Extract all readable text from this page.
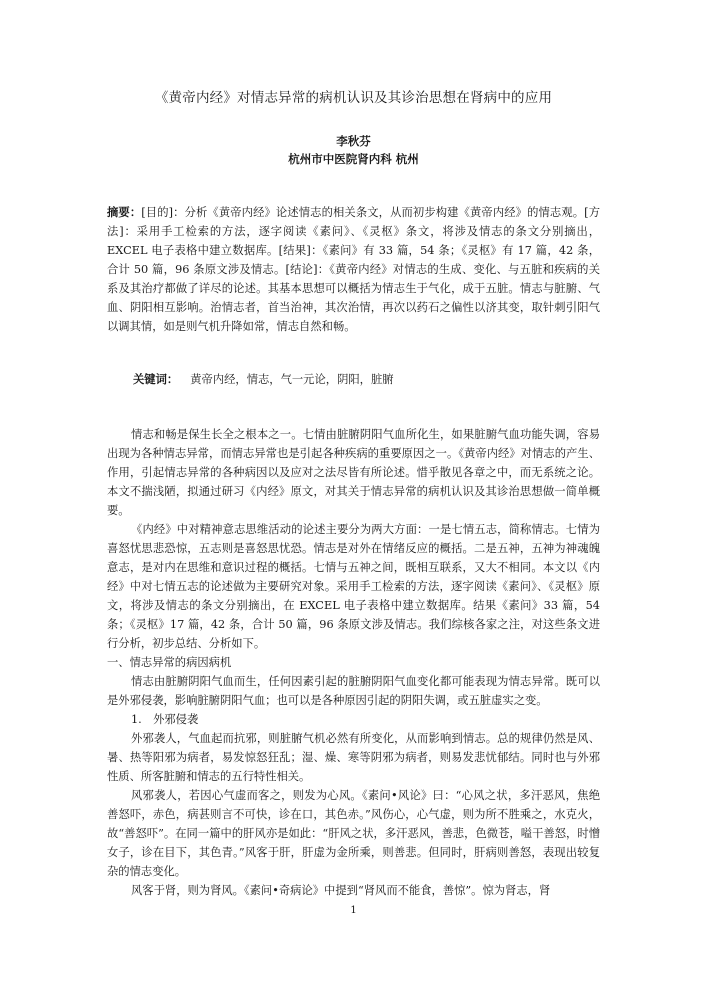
《黄帝内经》对情志异常的病机认识及其诊治思想在肾病中的应用
李秋芬
杭州市中医院肾内科 杭州
摘要：[目的]：分析《黄帝内经》论述情志的相关条文，从而初步构建《黄帝内经》的情志观。[方法]：采用手工检索的方法，逐字阅读《素问》、《灵枢》条文，将涉及情志的条文分别摘出，EXCEL 电子表格中建立数据库。[结果]：《素问》有 33 篇，54 条；《灵枢》有 17 篇，42 条，合计 50 篇，96 条原文涉及情志。[结论]：《黄帝内经》对情志的生成、变化、与五脏和疾病的关系及其治疗都做了详尽的论述。其基本思想可以概括为情志生于气化，成于五脏。情志与脏腑、气血、阴阳相互影响。治情志者，首当治神，其次治情，再次以药石之偏性以济其变，取针刺引阳气以调其情，如是则气机升降如常，情志自然和畅。
关键词： 黄帝内经，情志，气一元论，阴阳，脏腑

情志和畅是保生长全之根本之一。七情由脏腑阴阳气血所化生，如果脏腑气血功能失调，容易出现为各种情志异常，而情志异常也是引起各种疾病的重要原因之一。《黄帝内经》对情志的产生、作用，引起情志异常的各种病因以及应对之法尽皆有所论述。惜乎散见各章之中，而无系统之论。本文不揣浅陋，拟通过研习《内经》原文，对其关于情志异常的病机认识及其诊治思想做一简单概要。

《内经》中对精神意志思维活动的论述主要分为两大方面：一是七情五志，简称情志。七情为喜怒忧思悲恐惊，五志则是喜怒思忧恐。情志是对外在情绪反应的概括。二是五神，五神为神魂魄意志，是对内在思维和意识过程的概括。七情与五神之间，既相互联系，又大不相同。本文以《内经》中对七情五志的论述做为主要研究对象。采用手工检索的方法，逐字阅读《素问》、《灵枢》原文，将涉及情志的条文分别摘出，在 EXCEL 电子表格中建立数据库。结果《素问》33 篇，54 条；《灵枢》17 篇，42 条，合计 50 篇，96 条原文涉及情志。我们综核各家之注，对这些条文进行分析，初步总结、分析如下。

一、情志异常的病因病机

情志由脏腑阴阳气血而生，任何因素引起的脏腑阴阳气血变化都可能表现为情志异常。既可以是外邪侵袭，影响脏腑阴阳气血；也可以是各种原因引起的阴阳失调，或五脏虚实之变。

1.　外邪侵袭

外邪袭人，气血起而抗邪，则脏腑气机必然有所变化，从而影响到情志。总的规律仍然是风、暑、热等阳邪为病者，易发惊怒狂乱；湿、燥、寒等阴邪为病者，则易发悲忧郁结。同时也与外邪性质、所客脏腑和情志的五行特性相关。

风邪袭人，若因心气虚而客之，则发为心风。《素问•风论》曰：“心风之状，多汗恶风，焦绝善怒吓，赤色，病甚则言不可快，诊在口，其色赤。”风伤心，心气虚，则为所不胜乘之，水克火，故“善怒吓”。在同一篇中的肝风亦是如此：“肝风之状，多汗恶风，善悲，色微苍，嗌干善怒，时憎女子，诊在目下，其色青。”风客于肝，肝虚为金所乘，则善悲。但同时，肝病则善怒，表现出较复杂的情志变化。

风客于肾，则为肾风。《素问•奇病论》中提到“肾风而不能食，善惊”。惊为肾志，肾

1
